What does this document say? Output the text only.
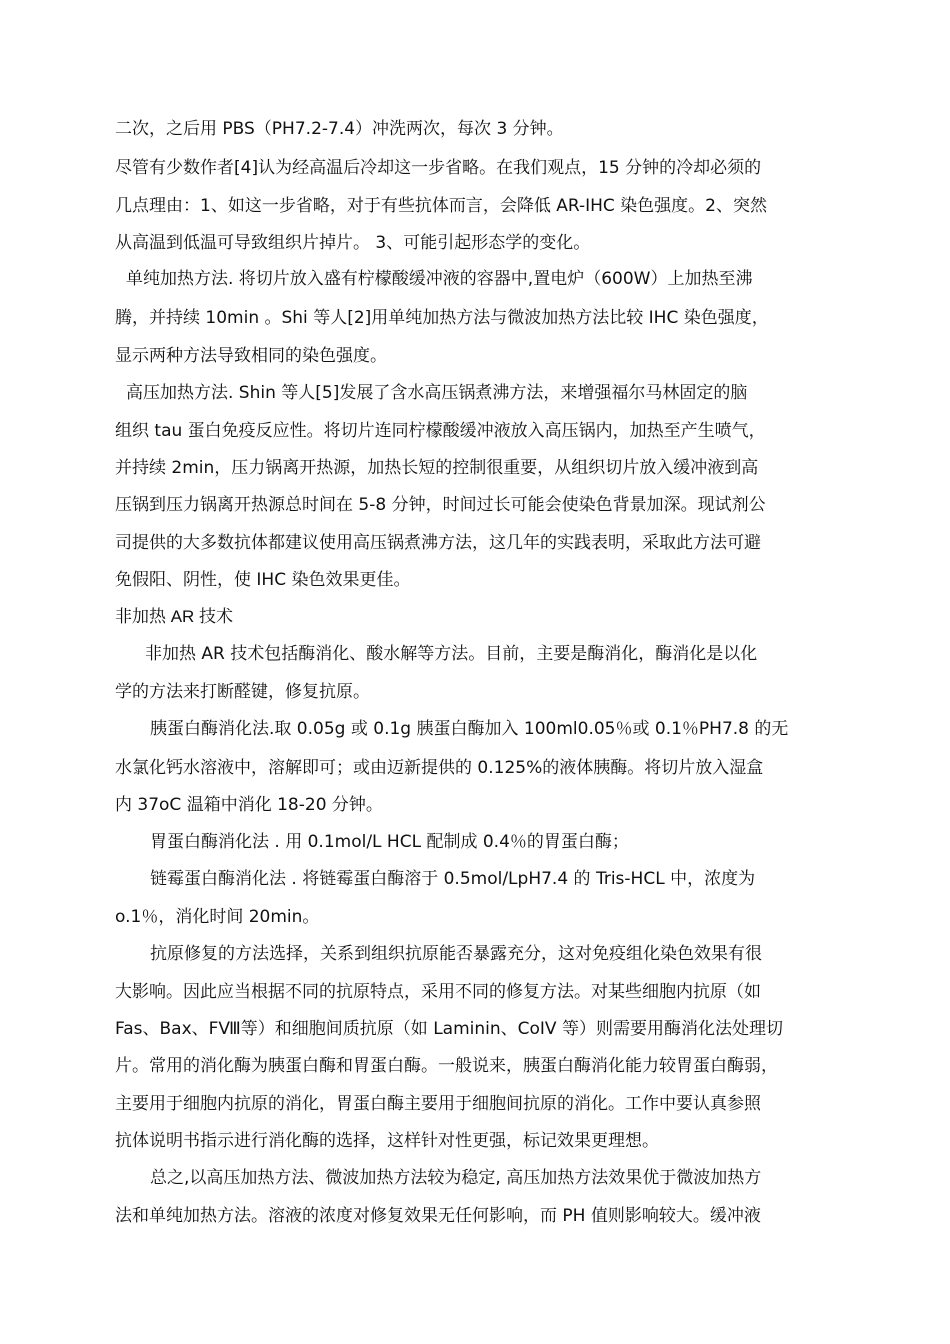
二次，之后用 PBS（PH7.2-7.4）冲洗两次，每次 3 分钟。
尽管有少数作者[4]认为经高温后冷却这一步省略。在我们观点，15 分钟的冷却必须的
几点理由：1、如这一步省略，对于有些抗体而言，会降低 AR-IHC 染色强度。2、突然
从高温到低温可导致组织片掉片。 3、可能引起形态学的变化。
单纯加热方法. 将切片放入盛有柠檬酸缓冲液的容器中,置电炉（600W）上加热至沸
腾，并持续 10min 。Shi 等人[2]用单纯加热方法与微波加热方法比较 IHC 染色强度，
显示两种方法导致相同的染色强度。
高压加热方法. Shin 等人[5]发展了含水高压锅煮沸方法，来增强福尔马林固定的脑
组织 tau 蛋白免疫反应性。将切片连同柠檬酸缓冲液放入高压锅内，加热至产生喷气，
并持续 2min，压力锅离开热源，加热长短的控制很重要，从组织切片放入缓冲液到高
压锅到压力锅离开热源总时间在 5-8 分钟，时间过长可能会使染色背景加深。现试剂公
司提供的大多数抗体都建议使用高压锅煮沸方法，这几年的实践表明，采取此方法可避
免假阳、阴性，使 IHC 染色效果更佳。
非加热 AR 技术
非加热 AR 技术包括酶消化、酸水解等方法。目前，主要是酶消化，酶消化是以化
学的方法来打断醛键，修复抗原。
胰蛋白酶消化法.取 0.05g 或 0.1g 胰蛋白酶加入 100ml0.05％或 0.1％PH7.8 的无
水氯化钙水溶液中，溶解即可；或由迈新提供的 0.125%的液体胰酶。将切片放入湿盒
内 37oC 温箱中消化 18-20 分钟。
胃蛋白酶消化法 . 用 0.1mol/L HCL 配制成 0.4％的胃蛋白酶；
链霉蛋白酶消化法 . 将链霉蛋白酶溶于 0.5mol/LpH7.4 的 Tris-HCL 中，浓度为
o.1％，消化时间 20min。
抗原修复的方法选择，关系到组织抗原能否暴露充分，这对免疫组化染色效果有很
大影响。因此应当根据不同的抗原特点，采用不同的修复方法。对某些细胞内抗原（如
Fas、Bax、FⅧ等）和细胞间质抗原（如 Laminin、CoIV 等）则需要用酶消化法处理切
片。常用的消化酶为胰蛋白酶和胃蛋白酶。一般说来，胰蛋白酶消化能力较胃蛋白酶弱，
主要用于细胞内抗原的消化，胃蛋白酶主要用于细胞间抗原的消化。工作中要认真参照
抗体说明书指示进行消化酶的选择，这样针对性更强，标记效果更理想。
总之,以高压加热方法、微波加热方法较为稳定, 高压加热方法效果优于微波加热方
法和单纯加热方法。溶液的浓度对修复效果无任何影响，而 PH 值则影响较大。缓冲液
